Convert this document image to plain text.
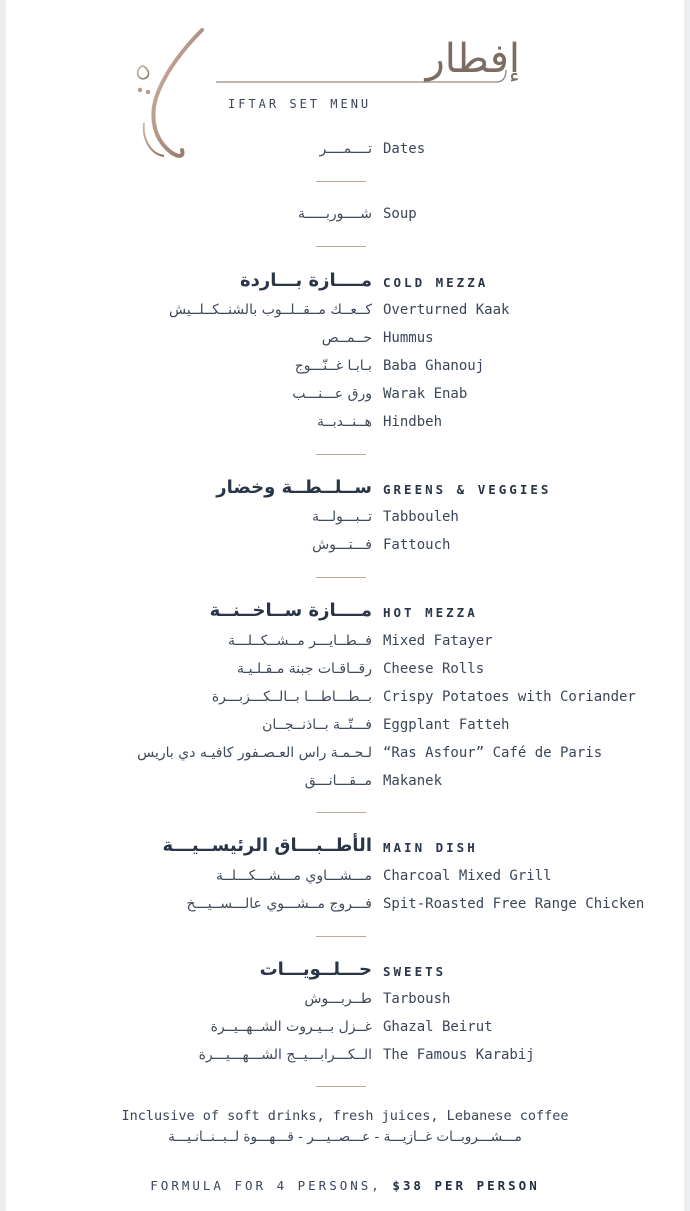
إفطار
IFTAR SET MENU
تــــمــــر Dates
شــــوربـــــة Soup
مــــازة بـــاردة COLD MEZZA
كــعــك مــقــلــوب بالشنــكــلــيش Overturned Kaak
حــمــص Hummus
بـابـا غــنّـــوج Baba Ghanouj
ورق عـــنـــب Warak Enab
هــنــدبــة Hindbeh
ســلــطــة وخضار GREENS & VEGGIES
تــبـــولـــة Tabbouleh
فـــتـــوش Fattouch
مــــازة ســاخــنــة HOT MEZZA
فــطــايـــر مــشــكــلـــة Mixed Fatayer
رقــاقـات جبنة مـقـلـيـة Cheese Rolls
بــطـــاطـــا بــالــكـــزبـــرة Crispy Potatoes with Coriander
فـــتّــة بــاذنــجــان Eggplant Fatteh
لـحـمـة راس العـصـفور كافيـه دي باريس “Ras Asfour” Café de Paris
مــقـــانـــق Makanek
الأطــبـــاق الرئيســيـــة MAIN DISH
مـــشـــاوي مـــشـــكـــلــة Charcoal Mixed Grill
فـــروج مــشـــوي عالـــســيـــخ Spit-Roasted Free Range Chicken
حـــلــويـــات SWEETS
طــربـــوش Tarboush
غــزل بــيـروت الشــهــيــرة Ghazal Beirut
الــكـــرابـــيــج الشـــهـــيـــرة The Famous Karabij
Inclusive of soft drinks, fresh juices, Lebanese coffee
مـــشـــروبــات غــازيـــة - عـــصــيـــر - قـــهـــوة لــبــنــانـيـــة
FORMULA FOR 4 PERSONS, $38 PER PERSON
